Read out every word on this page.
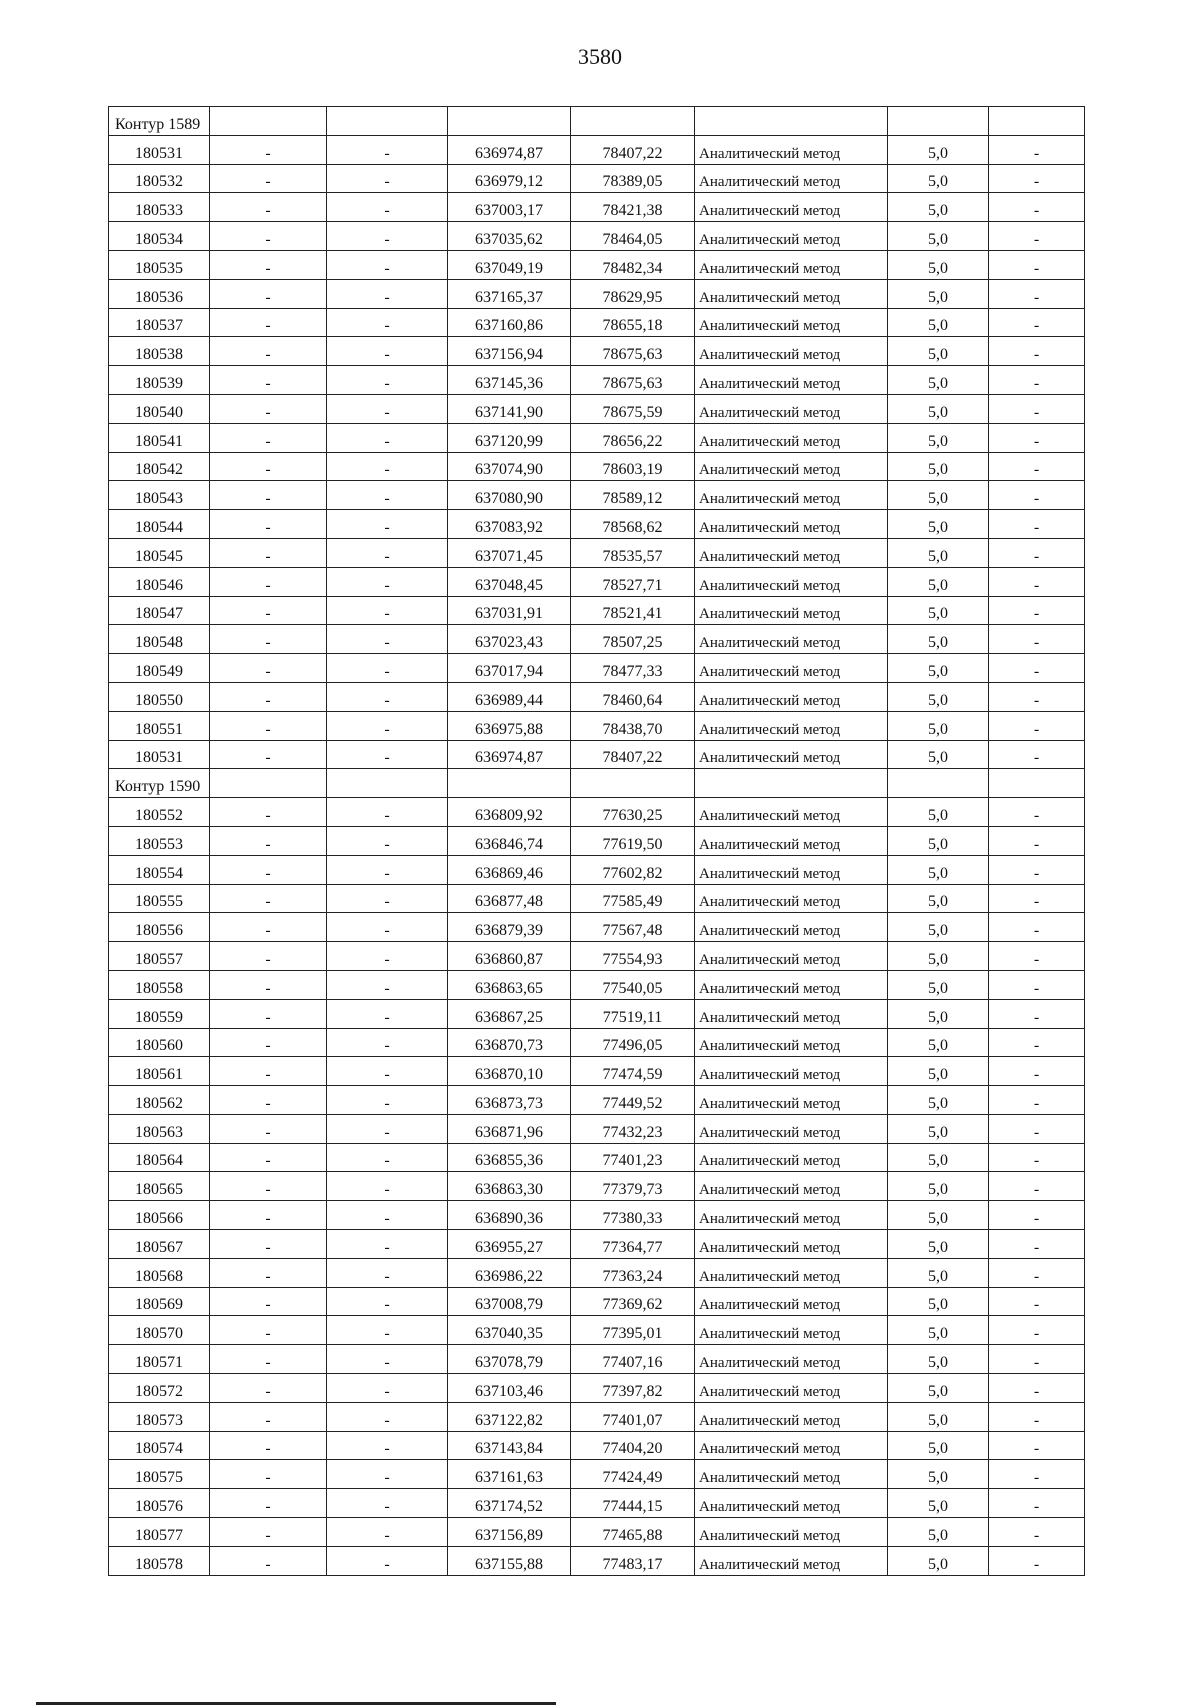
3580
Контур 1589							
180531	-	-	636974,87	78407,22	Аналитический метод	5,0	-
180532	-	-	636979,12	78389,05	Аналитический метод	5,0	-
180533	-	-	637003,17	78421,38	Аналитический метод	5,0	-
180534	-	-	637035,62	78464,05	Аналитический метод	5,0	-
180535	-	-	637049,19	78482,34	Аналитический метод	5,0	-
180536	-	-	637165,37	78629,95	Аналитический метод	5,0	-
180537	-	-	637160,86	78655,18	Аналитический метод	5,0	-
180538	-	-	637156,94	78675,63	Аналитический метод	5,0	-
180539	-	-	637145,36	78675,63	Аналитический метод	5,0	-
180540	-	-	637141,90	78675,59	Аналитический метод	5,0	-
180541	-	-	637120,99	78656,22	Аналитический метод	5,0	-
180542	-	-	637074,90	78603,19	Аналитический метод	5,0	-
180543	-	-	637080,90	78589,12	Аналитический метод	5,0	-
180544	-	-	637083,92	78568,62	Аналитический метод	5,0	-
180545	-	-	637071,45	78535,57	Аналитический метод	5,0	-
180546	-	-	637048,45	78527,71	Аналитический метод	5,0	-
180547	-	-	637031,91	78521,41	Аналитический метод	5,0	-
180548	-	-	637023,43	78507,25	Аналитический метод	5,0	-
180549	-	-	637017,94	78477,33	Аналитический метод	5,0	-
180550	-	-	636989,44	78460,64	Аналитический метод	5,0	-
180551	-	-	636975,88	78438,70	Аналитический метод	5,0	-
180531	-	-	636974,87	78407,22	Аналитический метод	5,0	-
Контур 1590							
180552	-	-	636809,92	77630,25	Аналитический метод	5,0	-
180553	-	-	636846,74	77619,50	Аналитический метод	5,0	-
180554	-	-	636869,46	77602,82	Аналитический метод	5,0	-
180555	-	-	636877,48	77585,49	Аналитический метод	5,0	-
180556	-	-	636879,39	77567,48	Аналитический метод	5,0	-
180557	-	-	636860,87	77554,93	Аналитический метод	5,0	-
180558	-	-	636863,65	77540,05	Аналитический метод	5,0	-
180559	-	-	636867,25	77519,11	Аналитический метод	5,0	-
180560	-	-	636870,73	77496,05	Аналитический метод	5,0	-
180561	-	-	636870,10	77474,59	Аналитический метод	5,0	-
180562	-	-	636873,73	77449,52	Аналитический метод	5,0	-
180563	-	-	636871,96	77432,23	Аналитический метод	5,0	-
180564	-	-	636855,36	77401,23	Аналитический метод	5,0	-
180565	-	-	636863,30	77379,73	Аналитический метод	5,0	-
180566	-	-	636890,36	77380,33	Аналитический метод	5,0	-
180567	-	-	636955,27	77364,77	Аналитический метод	5,0	-
180568	-	-	636986,22	77363,24	Аналитический метод	5,0	-
180569	-	-	637008,79	77369,62	Аналитический метод	5,0	-
180570	-	-	637040,35	77395,01	Аналитический метод	5,0	-
180571	-	-	637078,79	77407,16	Аналитический метод	5,0	-
180572	-	-	637103,46	77397,82	Аналитический метод	5,0	-
180573	-	-	637122,82	77401,07	Аналитический метод	5,0	-
180574	-	-	637143,84	77404,20	Аналитический метод	5,0	-
180575	-	-	637161,63	77424,49	Аналитический метод	5,0	-
180576	-	-	637174,52	77444,15	Аналитический метод	5,0	-
180577	-	-	637156,89	77465,88	Аналитический метод	5,0	-
180578	-	-	637155,88	77483,17	Аналитический метод	5,0	-
